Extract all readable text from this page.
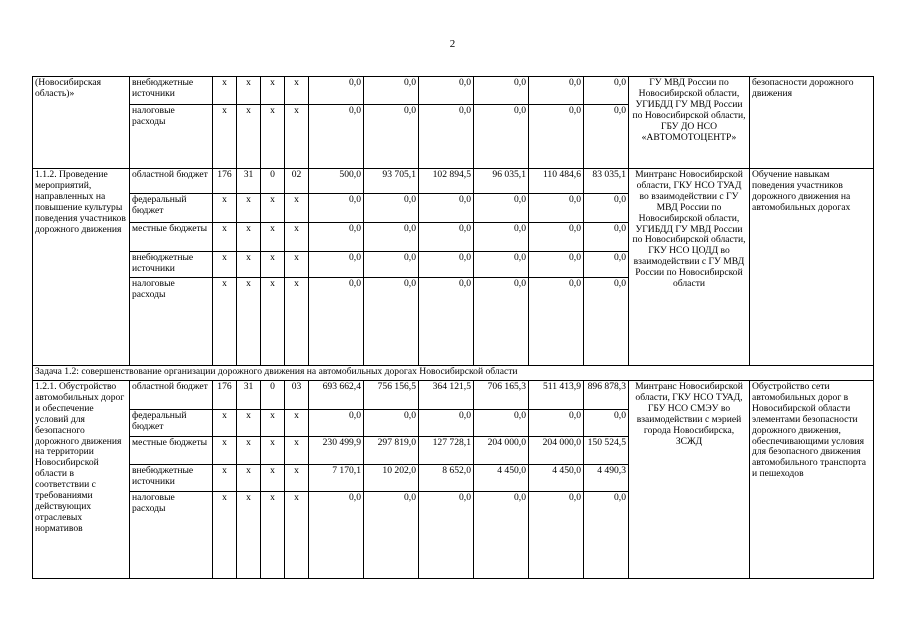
2
(Новосибирская область)»	внебюджетные источники	х	х	х	х	0,0	0,0	0,0	0,0	0,0	0,0	ГУ МВД России по Новосибирской области, УГИБДД ГУ МВД России по Новосибирской области, ГБУ ДО НСО «АВТОМОТОЦЕНТР»	безопасности дорожного движения
	налоговые расходы	х	х	х	х	0,0	0,0	0,0	0,0	0,0	0,0		
1.1.2. Проведение мероприятий, направленных на повышение культуры поведения участников дорожного движения	областной бюджет	176	31	0	02	500,0	93 705,1	102 894,5	96 035,1	110 484,6	83 035,1	Минтранс Новосибирской области, ГКУ НСО ТУАД во взаимодействии с ГУ МВД России по Новосибирской области, УГИБДД ГУ МВД России по Новосибирской области, ГКУ НСО ЦОДД во взаимодействии с ГУ МВД России по Новосибирской области	Обучение навыкам поведения участников дорожного движения на автомобильных дорогах
	федеральный бюджет	х	х	х	х	0,0	0,0	0,0	0,0	0,0	0,0		
	местные бюджеты	х	х	х	х	0,0	0,0	0,0	0,0	0,0	0,0		
	внебюджетные источники	х	х	х	х	0,0	0,0	0,0	0,0	0,0	0,0		
	налоговые расходы	х	х	х	х	0,0	0,0	0,0	0,0	0,0	0,0		
Задача 1.2: совершенствование организации дорожного движения на автомобильных дорогах Новосибирской области													
1.2.1. Обустройство автомобильных дорог и обеспечение условий для безопасного дорожного движения на территории Новосибирской области в соответствии с требованиями действующих отраслевых нормативов	областной бюджет	176	31	0	03	693 662,4	756 156,5	364 121,5	706 165,3	511 413,9	896 878,3	Минтранс Новосибирской области, ГКУ НСО ТУАД, ГБУ НСО СМЭУ во взаимодействии с мэрией города Новосибирска, ЗСЖД	Обустройство сети автомобильных дорог в Новосибирской области элементами безопасности дорожного движения, обеспечивающими условия для безопасного движения автомобильного транспорта и пешеходов
	федеральный бюджет	х	х	х	х	0,0	0,0	0,0	0,0	0,0	0,0		
	местные бюджеты	х	х	х	х	230 499,9	297 819,0	127 728,1	204 000,0	204 000,0	150 524,5		
	внебюджетные источники	х	х	х	х	7 170,1	10 202,0	8 652,0	4 450,0	4 450,0	4 490,3		
	налоговые расходы	х	х	х	х	0,0	0,0	0,0	0,0	0,0	0,0		
